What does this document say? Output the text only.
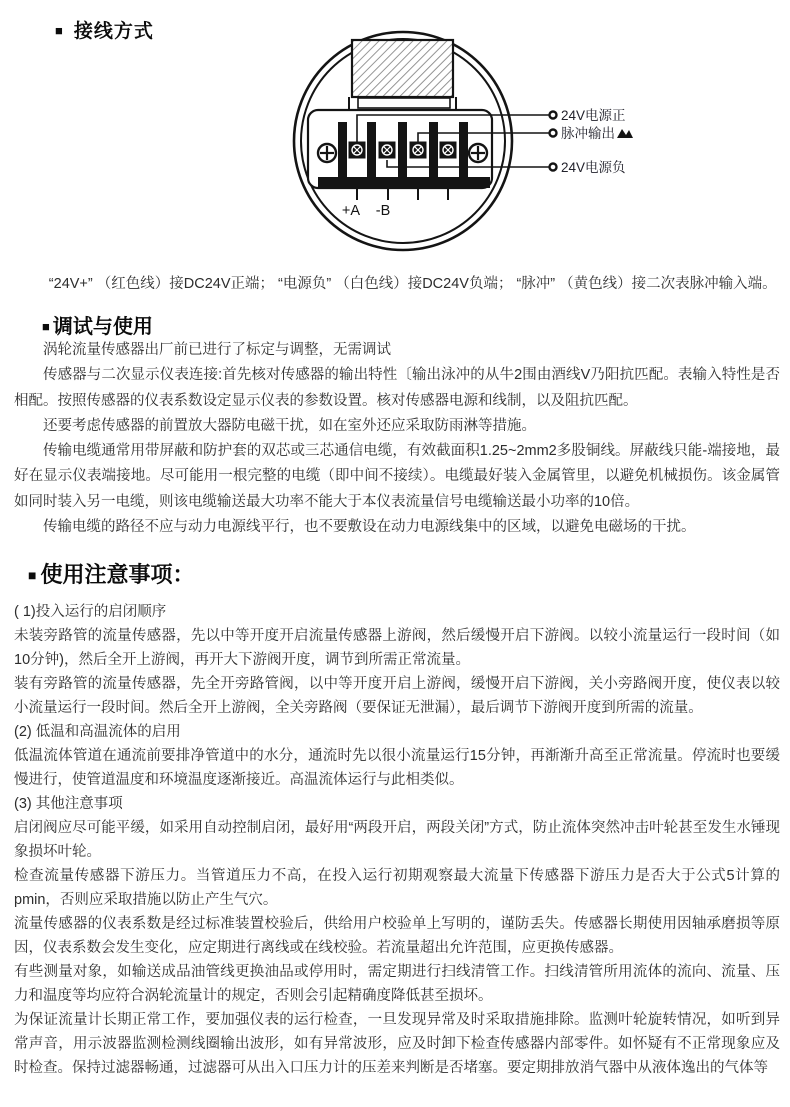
■ 接线方式
+A -B
24V电源正
脉冲输出
24V电源负
“24V+” （红色线）接DC24V正端； “电源负” （白色线）接DC24V负端； “脉冲” （黄色线）接二次表脉冲输入端。
■ 调试与使用

涡轮流量传感器出厂前已进行了标定与调整，无需调试

传感器与二次显示仪表连接:首先核对传感器的输出特性〔输出泳冲的从牛2围由酒线V乃阳抗匹配。表输入特性是否相配。按照传感器的仪表系数设定显示仪表的参数设置。核对传感器电源和线制，以及阻抗匹配。

还要考虑传感器的前置放大器防电磁干扰，如在室外还应采取防雨淋等措施。

传输电缆通常用带屏蔽和防护套的双芯或三芯通信电缆，有效截面积1.25~2mm2多股铜线。屏蔽线只能-端接地，最好在显示仪表端接地。尽可能用一根完整的电缆（即中间不接续）。电缆最好装入金属管里，以避免机械损伤。该金属管如同时装入另一电缆，则该电缆输送最大功率不能大于本仪表流量信号电缆输送最小功率的10倍。

传输电缆的路径不应与动力电源线平行，也不要敷设在动力电源线集中的区域，以避免电磁场的干扰。

■ 使用注意事项：

( 1)投入运行的启闭顺序

未装旁路管的流量传感器，先以中等开度开启流量传感器上游阀，然后缓慢开启下游阀。以较小流量运行一段时间（如10分钟)，然后全开上游阀，再开大下游阀开度，调节到所需正常流量。

装有旁路管的流量传感器，先全开旁路管阀，以中等开度开启上游阀，缓慢开启下游阀，关小旁路阀开度，使仪表以较小流量运行一段时间。然后全开上游阀，全关旁路阀（要保证无泄漏），最后调节下游阀开度到所需的流量。

(2) 低温和高温流体的启用

低温流体管道在通流前要排净管道中的水分，通流时先以很小流量运行15分钟，再渐渐升高至正常流量。停流时也要缓慢进行，使管道温度和环境温度逐渐接近。高温流体运行与此相类似。

(3) 其他注意事项

启闭阀应尽可能平缓，如采用自动控制启闭，最好用“两段开启，两段关闭”方式，防止流体突然冲击叶轮甚至发生水锤现象损坏叶轮。

检查流量传感器下游压力。当管道压力不高，在投入运行初期观察最大流量下传感器下游压力是否大于公式5计算的pmin，否则应采取措施以防止产生气穴。

流量传感器的仪表系数是经过标准装置校验后，供给用户校验单上写明的，谨防丢失。传感器长期使用因轴承磨损等原因，仪表系数会发生变化，应定期进行离线或在线校验。若流量超出允许范围，应更换传感器。

有些测量对象，如输送成品油管线更换油品或停用时，需定期进行扫线清管工作。扫线清管所用流体的流向、流量、压力和温度等均应符合涡轮流量计的规定，否则会引起精确度降低甚至损坏。

为保证流量计长期正常工作，要加强仪表的运行检查，一旦发现异常及时采取措施排除。监测叶轮旋转情况，如听到异常声音，用示波器监测检测线圈输出波形，如有异常波形，应及时卸下检查传感器内部零件。如怀疑有不正常现象应及时检查。保持过滤器畅通，过滤器可从出入口压力计的压差来判断是否堵塞。要定期排放消气器中从液体逸出的气体等
